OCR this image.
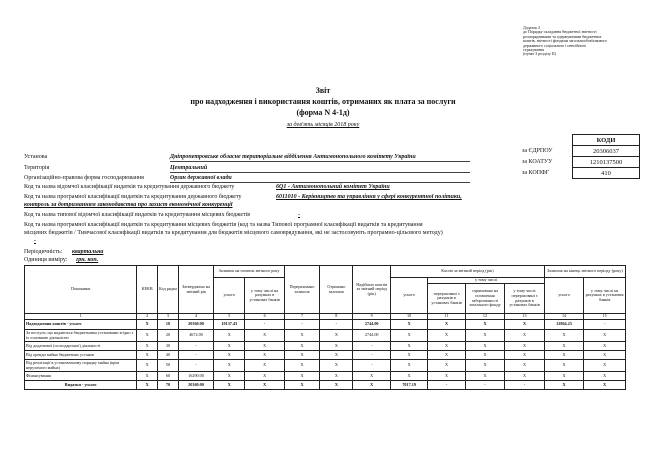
Додаток 2
до Порядку складання бюджетної звітності
розпорядниками та одержувачами бюджетних
коштів, звітності фондами загальнообов'язкового
державного соціального і пенсійного
страхування
(пункт 3 розділу ІІ)
Звіт
про надходження і використання коштів, отриманих як плата за послуги
(форма N 4-1д)
за дев'ять місяців 2018 року
	КОДИ
за ЄДРПОУ	20306037
за КОАТУУ	1210137500
за КОПФГ	410
Установа	Дніпропетровське обласне територіальне відділення Антимонопольного комітету України
Територія	Центральний
Організаційно-правова форма господарювання	Орган державної влади
Код та назва відомчої класифікації видатків та кредитування державного бюджету	6Q1 - Антимонопольний комітет України
Код та назва програмної класифікації видатків та кредитування державного бюджету	6011010 - Керівництво та управління у сфері конкурентної політики,
контроль за дотриманням законодавства про захист економічної конкуренції
Код та назва типової відомчої класифікації видатків та кредитування місцевих бюджетів	-
Код та назва програмної класифікації видатків та кредитування місцевих бюджетів (код та назва Типової програмної класифікації видатків та кредитування
місцевих бюджетів / Тимчасової класифікації видатків та кредитування для бюджетів місцевого самоврядування, які не застосовують програмно-цільового методу)
-
Періодичність: квартальна
Одиниця виміру: грн. коп.
Показники	КЕКВ	Код рядка	Затверджено на звітний рік	Залишок на початок звітного року		Перераховано залишок	Отримано залишок	Надійшло коштів за звітний період (рік)	Касові за звітний період (рік)				Залишок на кінець звітного періоду (року)	
				усього	у тому числі на рахунках в установах банків				усього	у тому числі			усього	у тому числі на рахунках в установах банків
										перераховані з рахунків в установах банків	спрямовано на погашення заборгованості загального фонду	у тому числі перераховані з рахунків в установах банків		
1	2	3	4	5	6	7	8	9	10	11	12	13	14	15
Надходження коштів - усього	Х	10	20360.00	10137.43	-	-	-	2744.00	Х	Х	Х	Х	12864.23	-
За послуги, що надаються бюджетними установами згідно з їх основною діяльністю	Х	20	4672.00	Х	Х	Х	Х	2744.00	Х	Х	Х	Х	Х	Х
Від додаткової (господарської) діяльності	Х	30	-	Х	Х	Х	Х	-	Х	Х	Х	Х	Х	Х
Від оренди майна бюджетних установ	Х	40	-	Х	Х	Х	Х	-	Х	Х	Х	Х	Х	Х
Від реалізації в установленому порядку майна (крім нерухомого майна)	Х	50	-	Х	Х	Х	Х	-	Х	Х	Х	Х	Х	Х
Фінансування	Х	60	16290.00	Х	Х	Х	Х	Х	Х	Х	Х	Х	Х	Х
Видатки - усього	Х	70	20360.00	Х	Х	Х	Х	Х	7017.19	-	-	-	Х	Х
